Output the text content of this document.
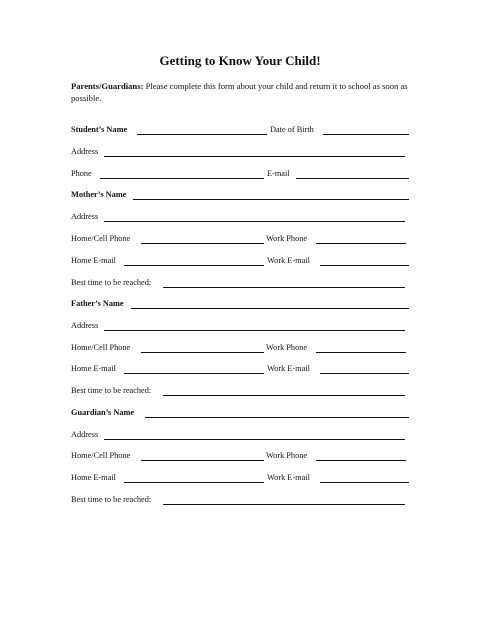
Getting to Know Your Child!

Parents/Guardians: Please complete this form about your child and return it to school as soon as possible.

Student’s Name	Date of Birth
Address
Phone	E-mail
Mother’s Name
Address
Home/Cell Phone	Work Phone
Home E-mail	Work E-mail
Best time to be reached:
Father’s Name
Address
Home/Cell Phone	Work Phone
Home E-mail	Work E-mail
Best time to be reached:
Guardian’s Name
Address
Home/Cell Phone	Work Phone
Home E-mail	Work E-mail
Best time to be reached:
